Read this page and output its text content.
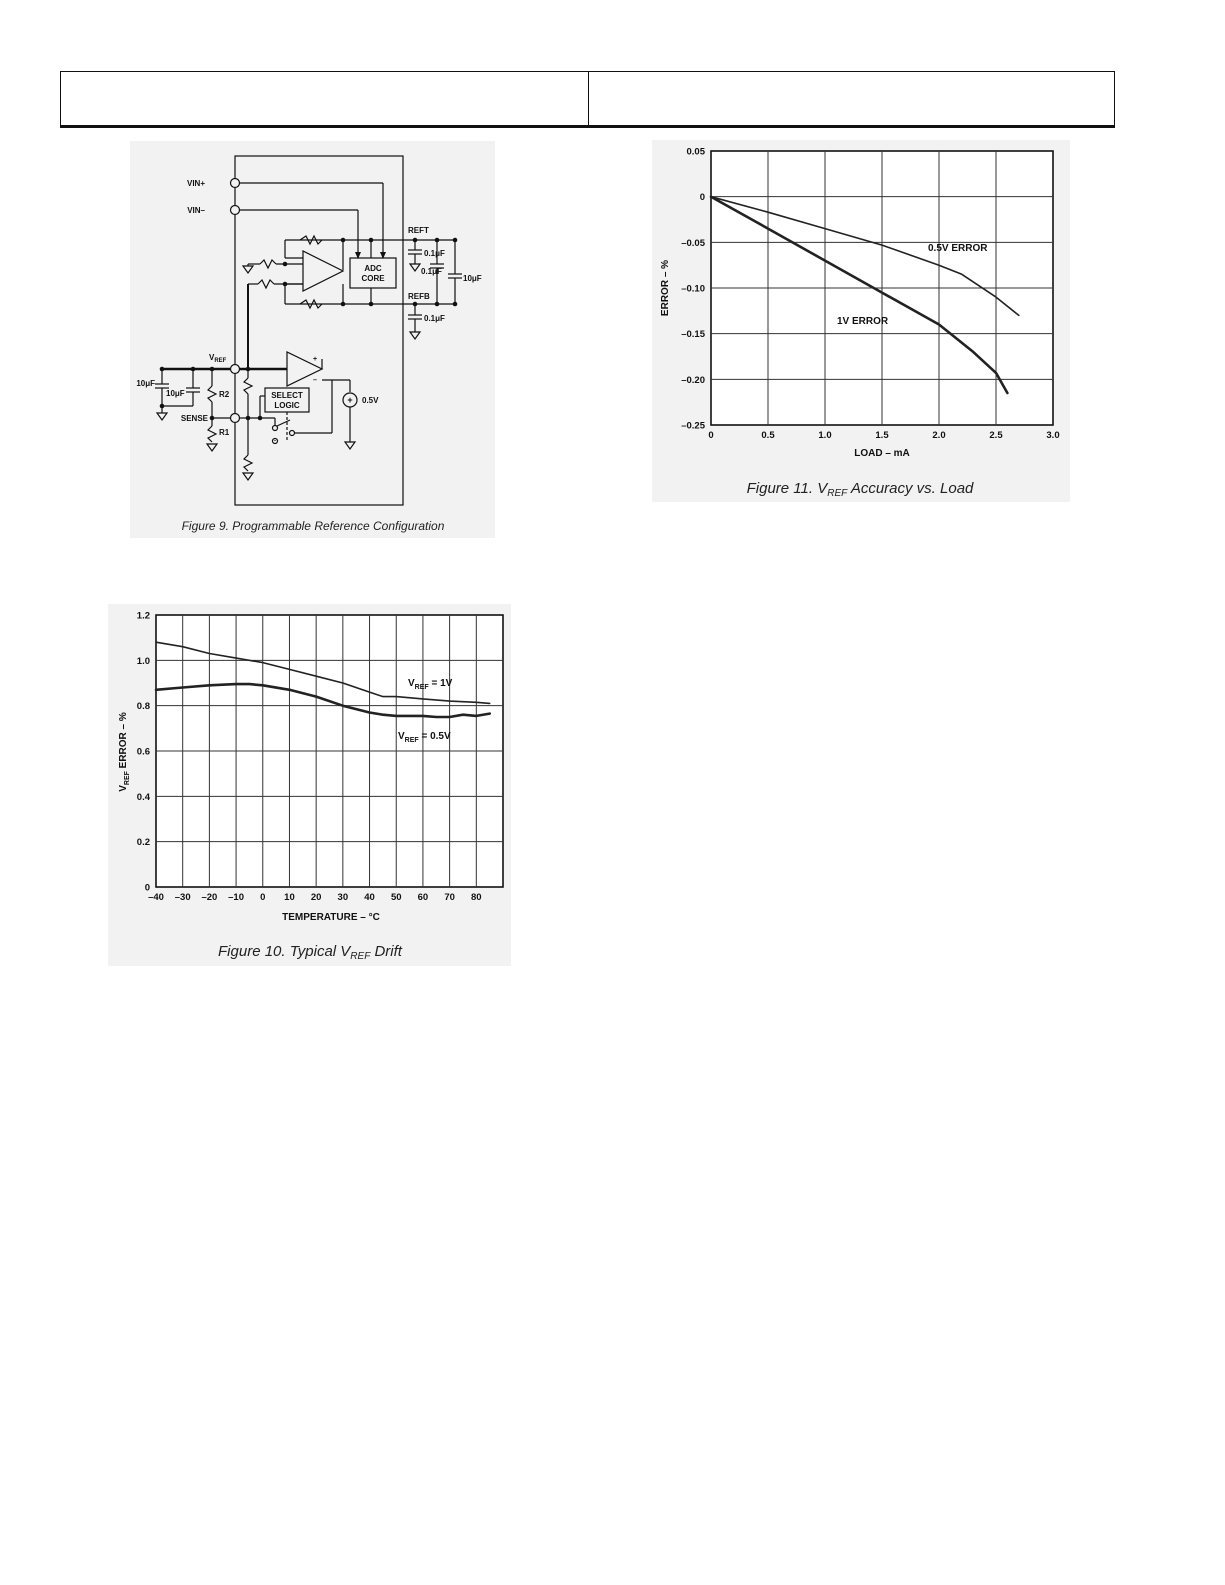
VIN+
VIN–
REFT
REFB
0.1μF
0.1μF
0.1μF
10μF
ADC
CORE
$V_{REF}$
R2
R1
SENSE
10μF
10μF	SELECT
LOGIC
0.5V
+
–
+
Figure 9. Programmable Reference Configuration
0	0.5	1.0	1.5	2.0	2.5	3.0
0.05
0
–0.05
–0.10
–0.15
–0.20
–0.25
ERROR – %
LOAD – mA
0.5V ERROR
1V ERROR
Figure 11. $V_{REF}$ Accuracy vs. Load
–40 –30 –20 –10 0 10 20 30 40 50 60 70 80
0
0.2
0.4
0.6
0.8
1.0
1.2
$V_{REF}$ ERROR – %
TEMPERATURE – °C
$V_{REF} = 1V$
$V_{REF} = 0.5V$
Figure 10. Typical $V_{REF}$ Drift
